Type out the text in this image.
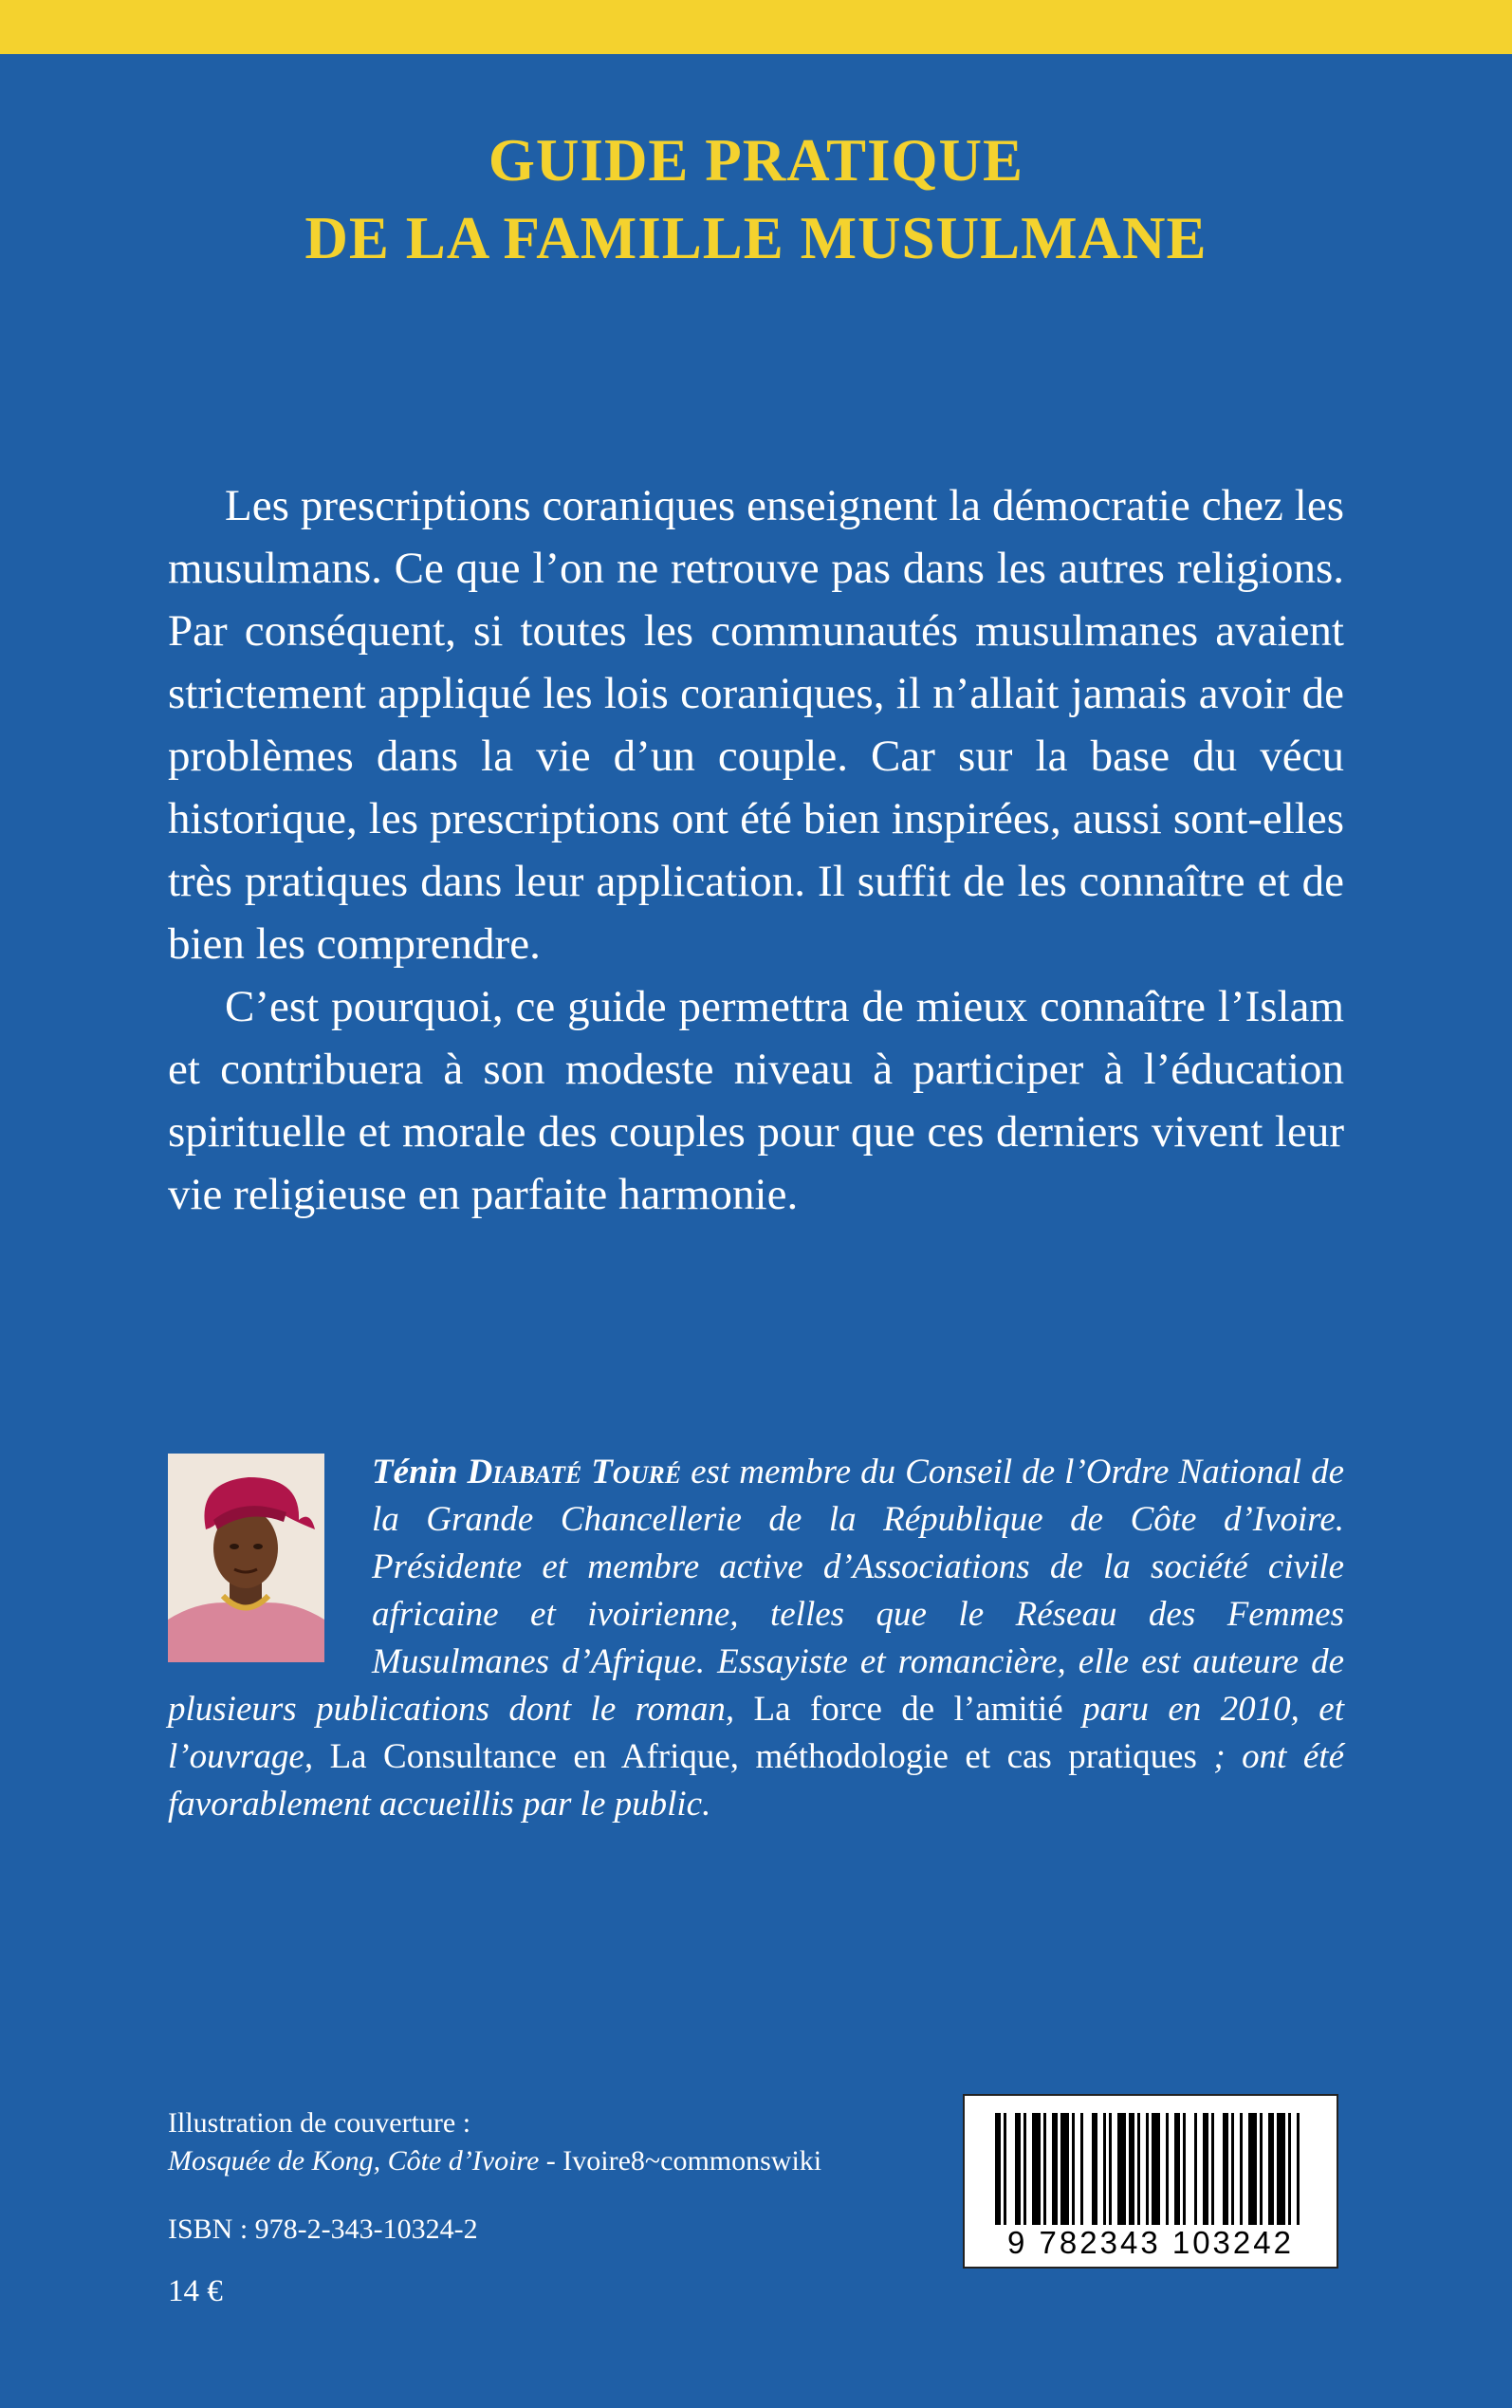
GUIDE PRATIQUE
DE LA FAMILLE MUSULMANE

Les prescriptions coraniques enseignent la démocratie chez les musulmans. Ce que l’on ne retrouve pas dans les autres religions. Par conséquent, si toutes les communautés musulmanes avaient strictement appliqué les lois coraniques, il n’allait jamais avoir de problèmes dans la vie d’un couple. Car sur la base du vécu historique, les prescriptions ont été bien inspirées, aussi sont-elles très pratiques dans leur application. Il suffit de les connaître et de bien les comprendre.

C’est pourquoi, ce guide permettra de mieux connaître l’Islam et contribuera à son modeste niveau à participer à l’éducation spirituelle et morale des couples pour que ces derniers vivent leur vie religieuse en parfaite harmonie.

Ténin Diabaté Touré est membre du Conseil de l’Ordre National de la Grande Chancellerie de la République de Côte d’Ivoire. Présidente et membre active d’Associations de la société civile africaine et ivoirienne, telles que le Réseau des Femmes Musulmanes d’Afrique. Essayiste et romancière, elle est auteure de plusieurs publications dont le roman, La force de l’amitié paru en 2010, et l’ouvrage, La Consultance en Afrique, méthodologie et cas pratiques ; ont été favorablement accueillis par le public.
Illustration de couverture :
Mosquée de Kong, Côte d’Ivoire - Ivoire8~commonswiki
ISBN : 978-2-343-10324-2
14 €
9 782343 103242
